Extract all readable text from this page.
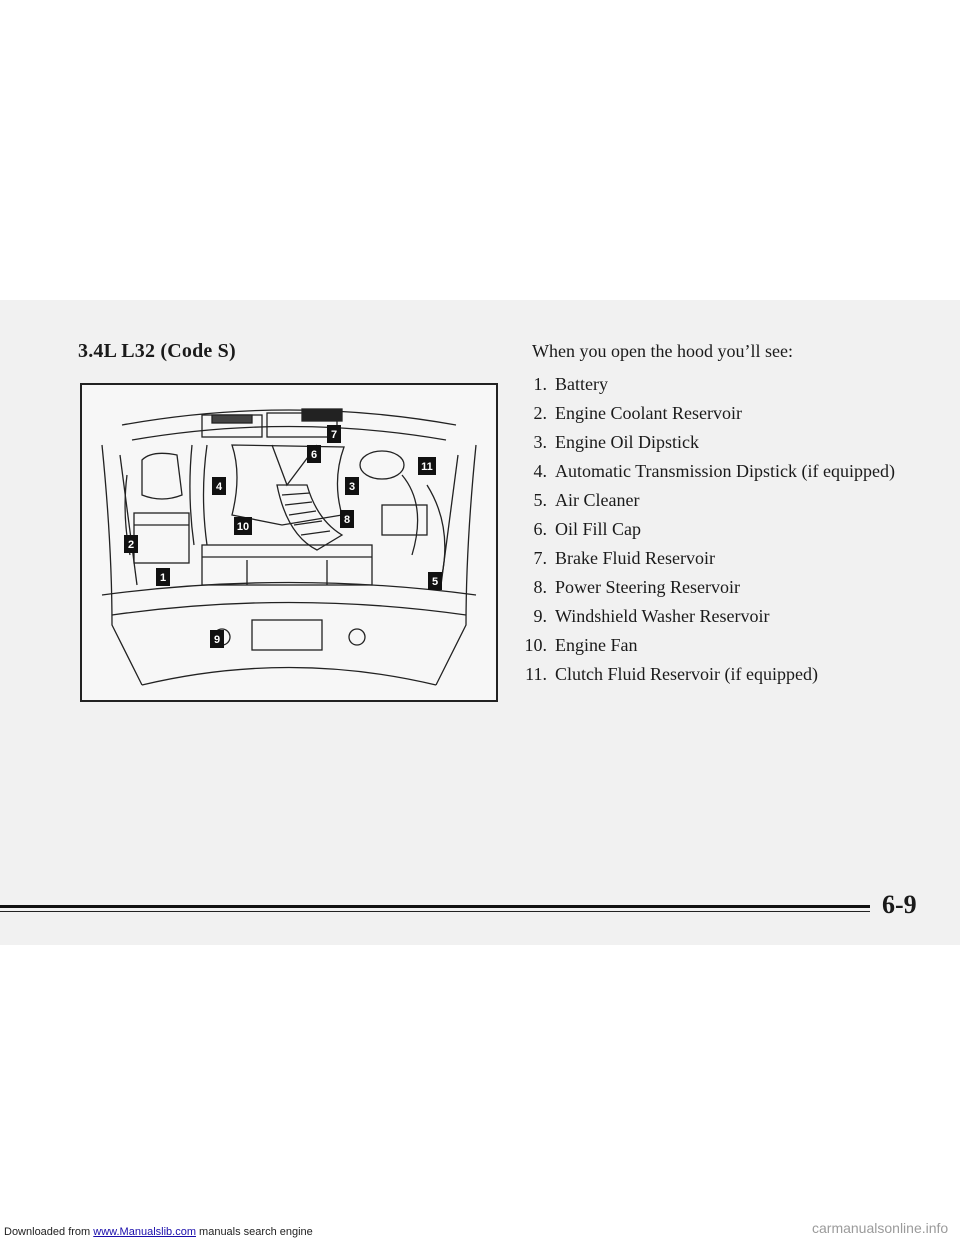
3.4L L32 (Code S)
1
2
3
4
5
6
7
8
9
10
11

When you open the hood you’ll see:

1. Battery
2. Engine Coolant Reservoir
3. Engine Oil Dipstick
4. Automatic Transmission Dipstick (if equipped)
5. Air Cleaner
6. Oil Fill Cap
7. Brake Fluid Reservoir
8. Power Steering Reservoir
9. Windshield Washer Reservoir
10. Engine Fan
11. Clutch Fluid Reservoir (if equipped)
6-9
Downloaded from www.Manualslib.com manuals search engine	carmanualsonline.info
